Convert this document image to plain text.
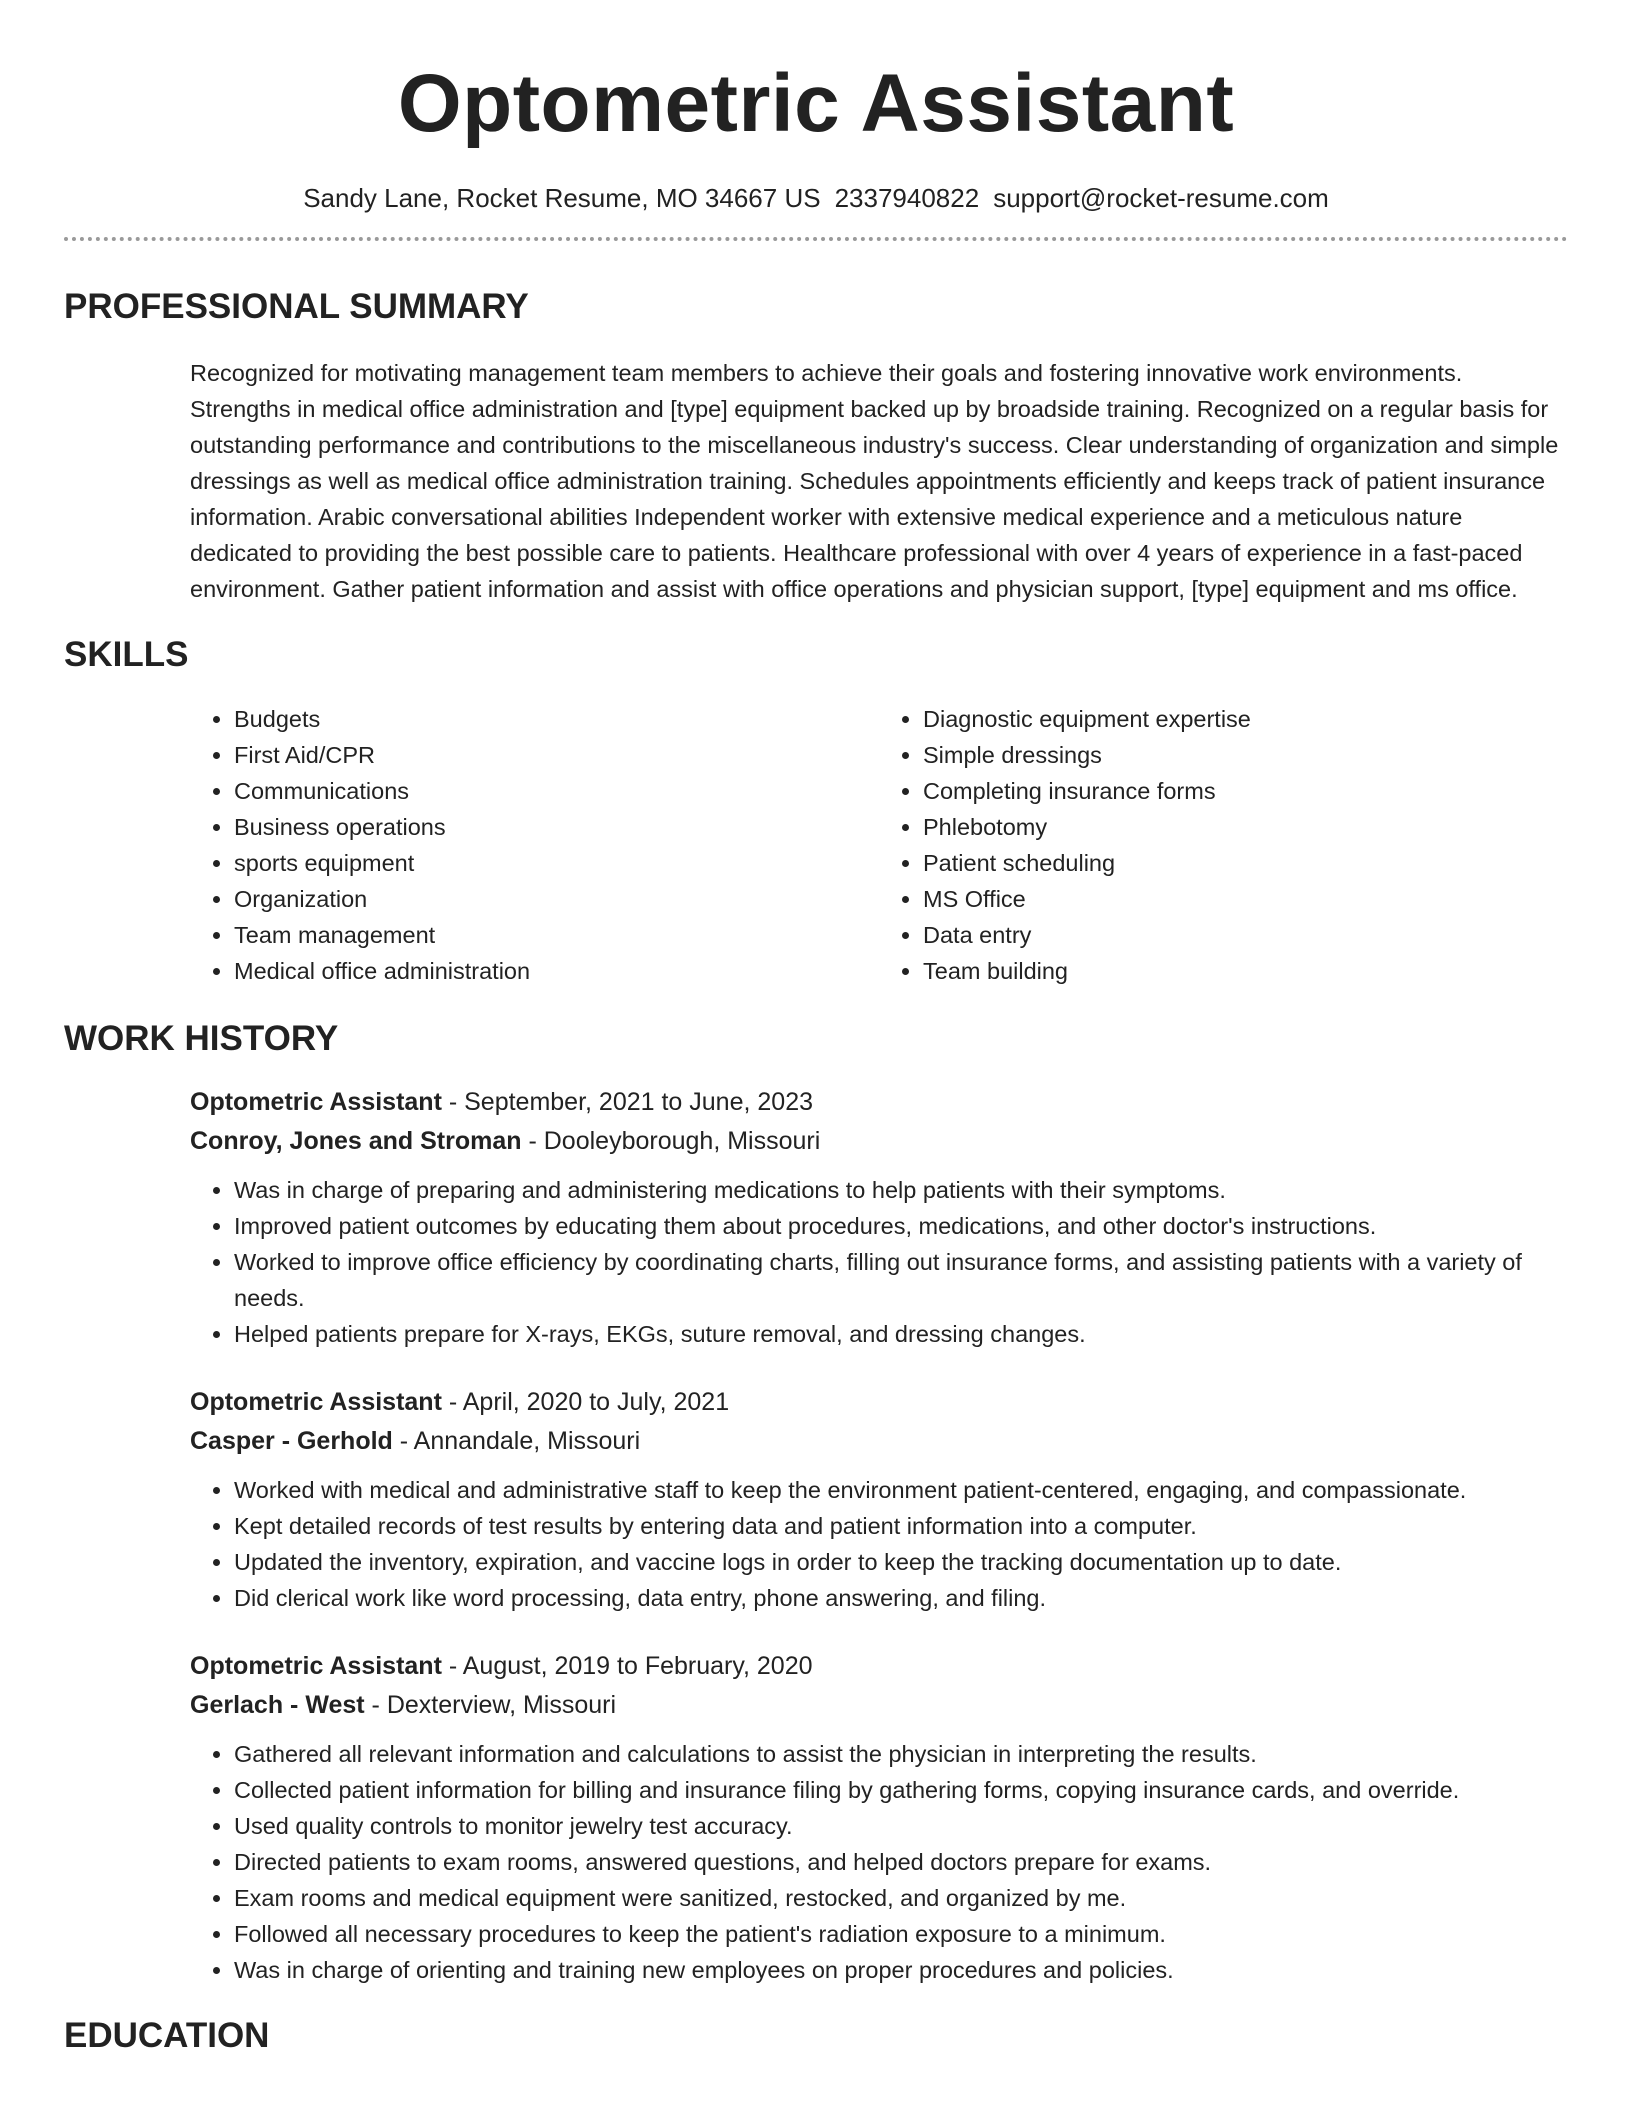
Optometric Assistant
Sandy Lane, Rocket Resume, MO 34667 US 2337940822 support@rocket-resume.com
PROFESSIONAL SUMMARY
Recognized for motivating management team members to achieve their goals and fostering innovative work environments. Strengths in medical office administration and [type] equipment backed up by broadside training. Recognized on a regular basis for outstanding performance and contributions to the miscellaneous industry's success. Clear understanding of organization and simple dressings as well as medical office administration training. Schedules appointments efficiently and keeps track of patient insurance information. Arabic conversational abilities Independent worker with extensive medical experience and a meticulous nature dedicated to providing the best possible care to patients. Healthcare professional with over 4 years of experience in a fast-paced environment. Gather patient information and assist with office operations and physician support, [type] equipment and ms office.
SKILLS
• Budgets
• First Aid/CPR
• Communications
• Business operations
• sports equipment
• Organization
• Team management
• Medical office administration
• Diagnostic equipment expertise
• Simple dressings
• Completing insurance forms
• Phlebotomy
• Patient scheduling
• MS Office
• Data entry
• Team building
WORK HISTORY
Optometric Assistant - September, 2021 to June, 2023
Conroy, Jones and Stroman - Dooleyborough, Missouri
• Was in charge of preparing and administering medications to help patients with their symptoms.
• Improved patient outcomes by educating them about procedures, medications, and other doctor's instructions.
• Worked to improve office efficiency by coordinating charts, filling out insurance forms, and assisting patients with a variety of needs.
• Helped patients prepare for X-rays, EKGs, suture removal, and dressing changes.
Optometric Assistant - April, 2020 to July, 2021
Casper - Gerhold - Annandale, Missouri
• Worked with medical and administrative staff to keep the environment patient-centered, engaging, and compassionate.
• Kept detailed records of test results by entering data and patient information into a computer.
• Updated the inventory, expiration, and vaccine logs in order to keep the tracking documentation up to date.
• Did clerical work like word processing, data entry, phone answering, and filing.
Optometric Assistant - August, 2019 to February, 2020
Gerlach - West - Dexterview, Missouri
• Gathered all relevant information and calculations to assist the physician in interpreting the results.
• Collected patient information for billing and insurance filing by gathering forms, copying insurance cards, and override.
• Used quality controls to monitor jewelry test accuracy.
• Directed patients to exam rooms, answered questions, and helped doctors prepare for exams.
• Exam rooms and medical equipment were sanitized, restocked, and organized by me.
• Followed all necessary procedures to keep the patient's radiation exposure to a minimum.
• Was in charge of orienting and training new employees on proper procedures and policies.
EDUCATION
